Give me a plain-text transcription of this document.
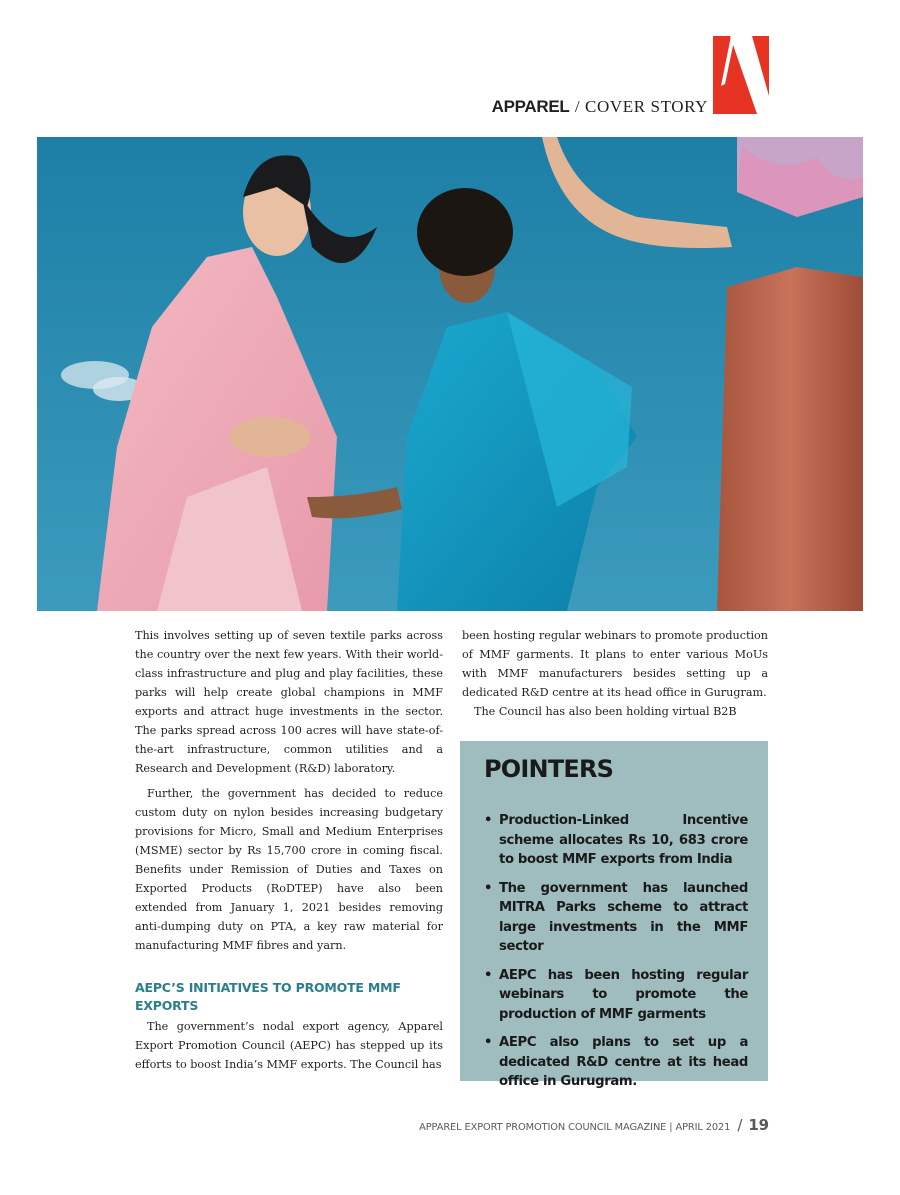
APPAREL / COVER STORY

This involves setting up of seven textile parks across the country over the next few years. With their world-class infrastructure and plug and play facilities, these parks will help create global champions in MMF exports and attract huge investments in the sector. The parks spread across 100 acres will have state-of-the-art infrastructure, common utilities and a Research and Development (R&D) laboratory.

Further, the government has decided to reduce custom duty on nylon besides increasing budgetary provisions for Micro, Small and Medium Enterprises (MSME) sector by Rs 15,700 crore in coming fiscal. Benefits under Remission of Duties and Taxes on Exported Products (RoDTEP) have also been extended from January 1, 2021 besides removing anti-dumping duty on PTA, a key raw material for manufacturing MMF fibres and yarn.

AEPC’S INITIATIVES TO PROMOTE MMF EXPORTS

The government’s nodal export agency, Apparel Export Promotion Council (AEPC) has stepped up its efforts to boost India’s MMF exports. The Council has

been hosting regular webinars to promote production of MMF garments. It plans to enter various MoUs with MMF manufacturers besides setting up a dedicated R&D centre at its head office in Gurugram.

The Council has also been holding virtual B2B

POINTERS
• Production-Linked Incentive scheme allocates Rs 10, 683 crore to boost MMF exports from India
• The government has launched MITRA Parks scheme to attract large investments in the MMF sector
• AEPC has been hosting regular webinars to promote the production of MMF garments
• AEPC also plans to set up a dedicated R&D centre at its head office in Gurugram.
APPAREL EXPORT PROMOTION COUNCIL MAGAZINE | APRIL 2021 / 19
